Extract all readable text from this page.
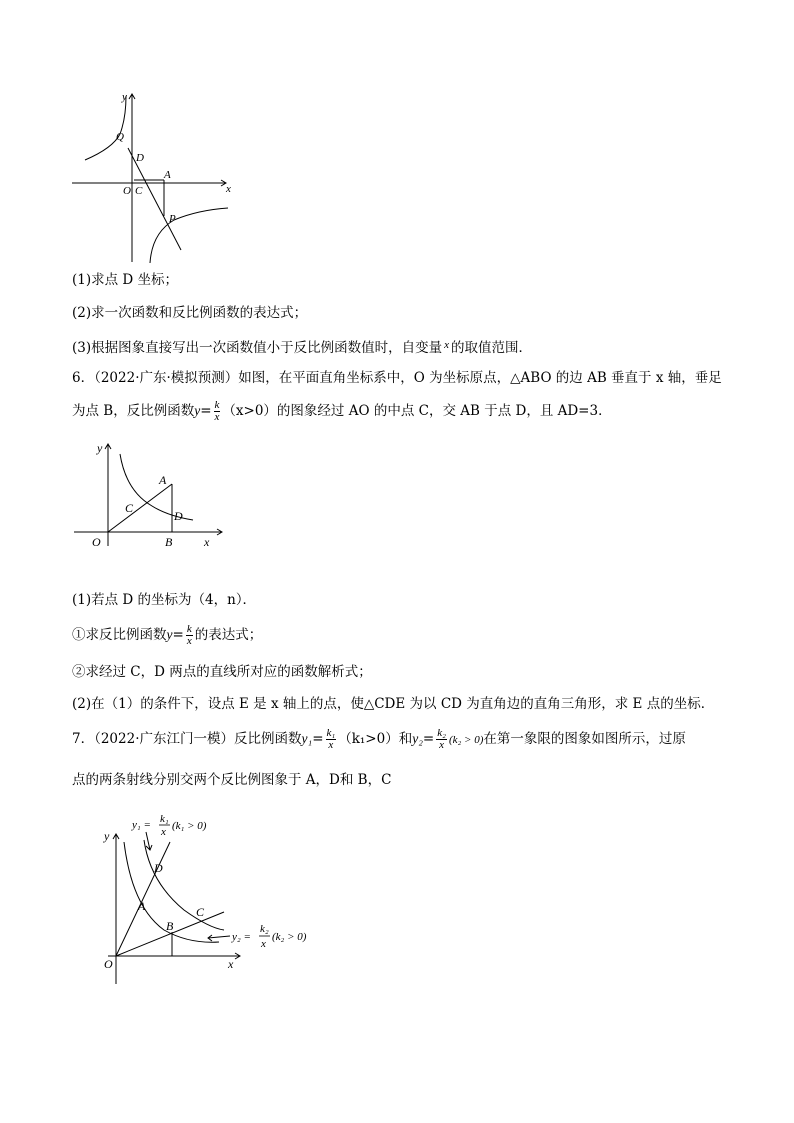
y
x
Q
D
A
O C
P
(1)求点 D 坐标；
(2)求一次函数和反比例函数的表达式；
(3)根据图象直接写出一次函数值小于反比例函数值时，自变量 $^x$ 的取值范围．
6．（2022·广东·模拟预测）如图，在平面直角坐标系中，O 为坐标原点，△ABO 的边 AB 垂直于 x 轴，垂足
为点 B，反比例函数$y= \frac{k}{x} (x>0)$的图象经过 AO 的中点 C，交 AB 于点 D，且 AD=3．
y
x
A
C
D
O	B
(1)若点 D 的坐标为（4，n）．
①求反比例函数$y= \frac{k}{x}$ 的表达式；
②求经过 C，D 两点的直线所对应的函数解析式；
(2)在（1）的条件下，设点 E 是 x 轴上的点，使△CDE 为以 CD 为直角边的直角三角形，求 E 点的坐标．
7．（2022·广东江门一模）反比例函数$y_1= \frac{\text{k₁}}{x} (k_1>0)$和$y_2= \frac{\text{k₂}}{x} (k_2 > 0)$在第一象限的图象如图所示，过原
点的两条射线分别交两个反比例图象于 A，D和 B，C
y
x
O
A
B
C
D
y₁ = k₁
x (k₁ > 0)
y₂ =
k₂
x
(k₂ > 0)
